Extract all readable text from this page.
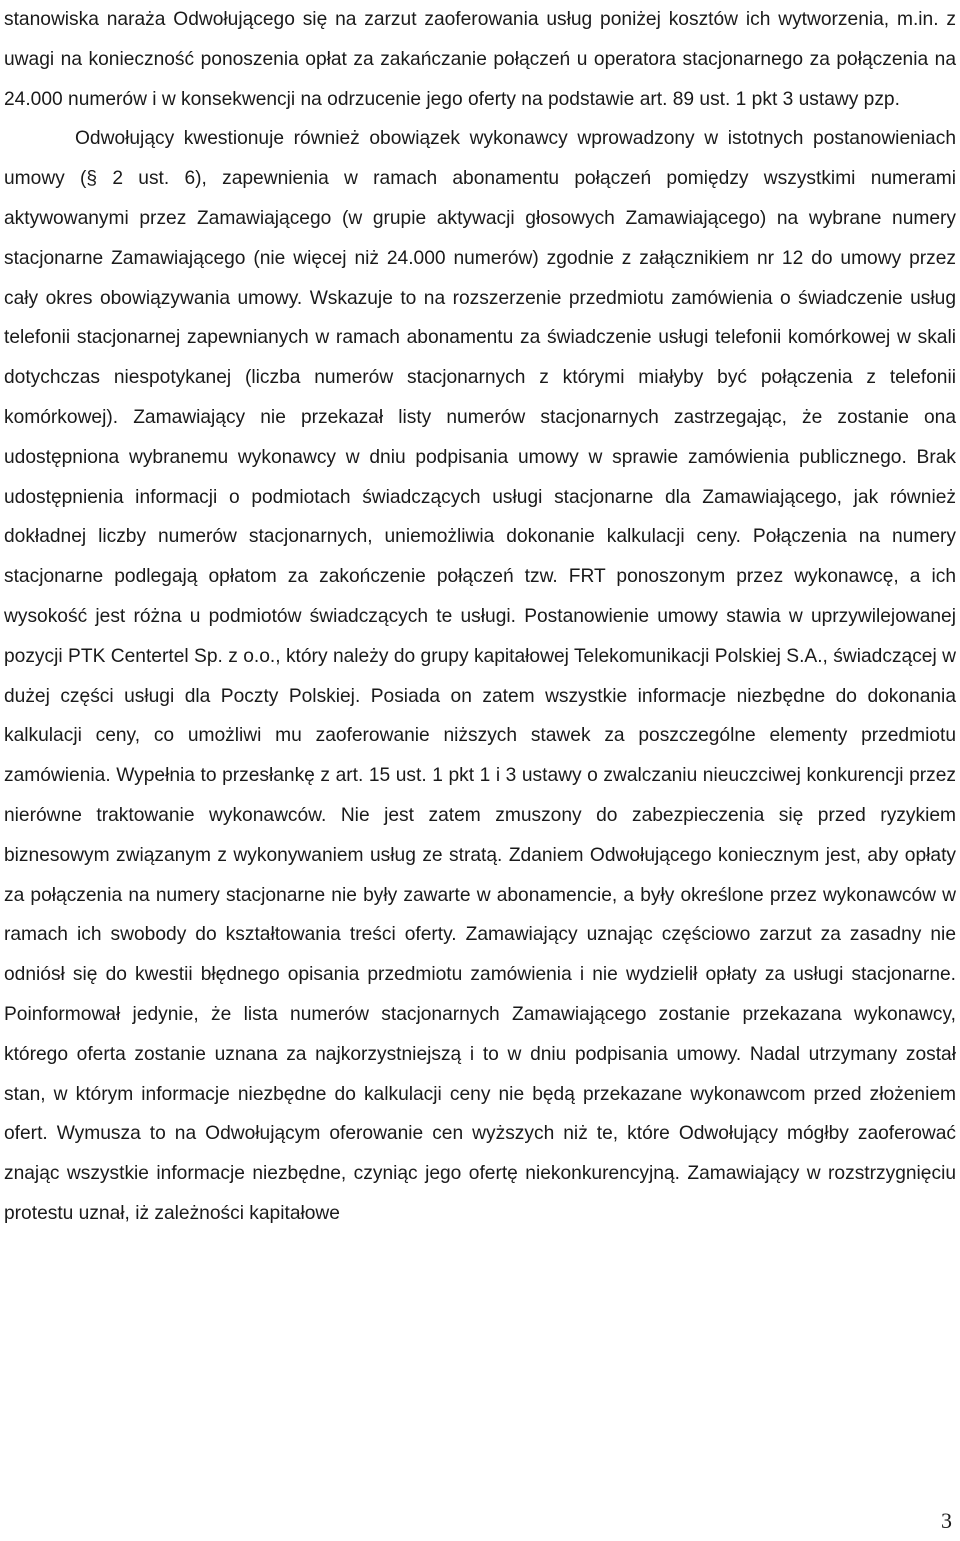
stanowiska naraża Odwołującego się na zarzut zaoferowania usług poniżej kosztów ich wytworzenia, m.in. z uwagi na konieczność ponoszenia opłat za zakańczanie połączeń u operatora stacjonarnego za połączenia na 24.000 numerów i w konsekwencji na odrzucenie jego oferty na podstawie art. 89 ust. 1 pkt 3 ustawy pzp.

Odwołujący kwestionuje również obowiązek wykonawcy wprowadzony w istotnych postanowieniach umowy (§ 2 ust. 6), zapewnienia w ramach abonamentu połączeń pomiędzy wszystkimi numerami aktywowanymi przez Zamawiającego (w grupie aktywacji głosowych Zamawiającego) na wybrane numery stacjonarne Zamawiającego (nie więcej niż 24.000 numerów) zgodnie z załącznikiem nr 12 do umowy przez cały okres obowiązywania umowy. Wskazuje to na rozszerzenie przedmiotu zamówienia o świadczenie usług telefonii stacjonarnej zapewnianych w ramach abonamentu za świadczenie usługi telefonii komórkowej w skali dotychczas niespotykanej (liczba numerów stacjonarnych z którymi miałyby być połączenia z telefonii komórkowej). Zamawiający nie przekazał listy numerów stacjonarnych zastrzegając, że zostanie ona udostępniona wybranemu wykonawcy w dniu podpisania umowy w sprawie zamówienia publicznego. Brak udostępnienia informacji o podmiotach świadczących usługi stacjonarne dla Zamawiającego, jak również dokładnej liczby numerów stacjonarnych, uniemożliwia dokonanie kalkulacji ceny. Połączenia na numery stacjonarne podlegają opłatom za zakończenie połączeń tzw. FRT ponoszonym przez wykonawcę, a ich wysokość jest różna u podmiotów świadczących te usługi. Postanowienie umowy stawia w uprzywilejowanej pozycji PTK Centertel Sp. z o.o., który należy do grupy kapitałowej Telekomunikacji Polskiej S.A., świadczącej w dużej części usługi dla Poczty Polskiej. Posiada on zatem wszystkie informacje niezbędne do dokonania kalkulacji ceny, co umożliwi mu zaoferowanie niższych stawek za poszczególne elementy przedmiotu zamówienia. Wypełnia to przesłankę z art. 15 ust. 1 pkt 1 i 3 ustawy o zwalczaniu nieuczciwej konkurencji przez nierówne traktowanie wykonawców. Nie jest zatem zmuszony do zabezpieczenia się przed ryzykiem biznesowym związanym z wykonywaniem usług ze stratą. Zdaniem Odwołującego koniecznym jest, aby opłaty za połączenia na numery stacjonarne nie były zawarte w abonamencie, a były określone przez wykonawców w ramach ich swobody do kształtowania treści oferty. Zamawiający uznając częściowo zarzut za zasadny nie odniósł się do kwestii błędnego opisania przedmiotu zamówienia i nie wydzielił opłaty za usługi stacjonarne. Poinformował jedynie, że lista numerów stacjonarnych Zamawiającego zostanie przekazana wykonawcy, którego oferta zostanie uznana za najkorzystniejszą i to w dniu podpisania umowy. Nadal utrzymany został stan, w którym informacje niezbędne do kalkulacji ceny nie będą przekazane wykonawcom przed złożeniem ofert. Wymusza to na Odwołującym oferowanie cen wyższych niż te, które Odwołujący mógłby zaoferować znając wszystkie informacje niezbędne, czyniąc jego ofertę niekonkurencyjną. Zamawiający w rozstrzygnięciu protestu uznał, iż zależności kapitałowe

3
